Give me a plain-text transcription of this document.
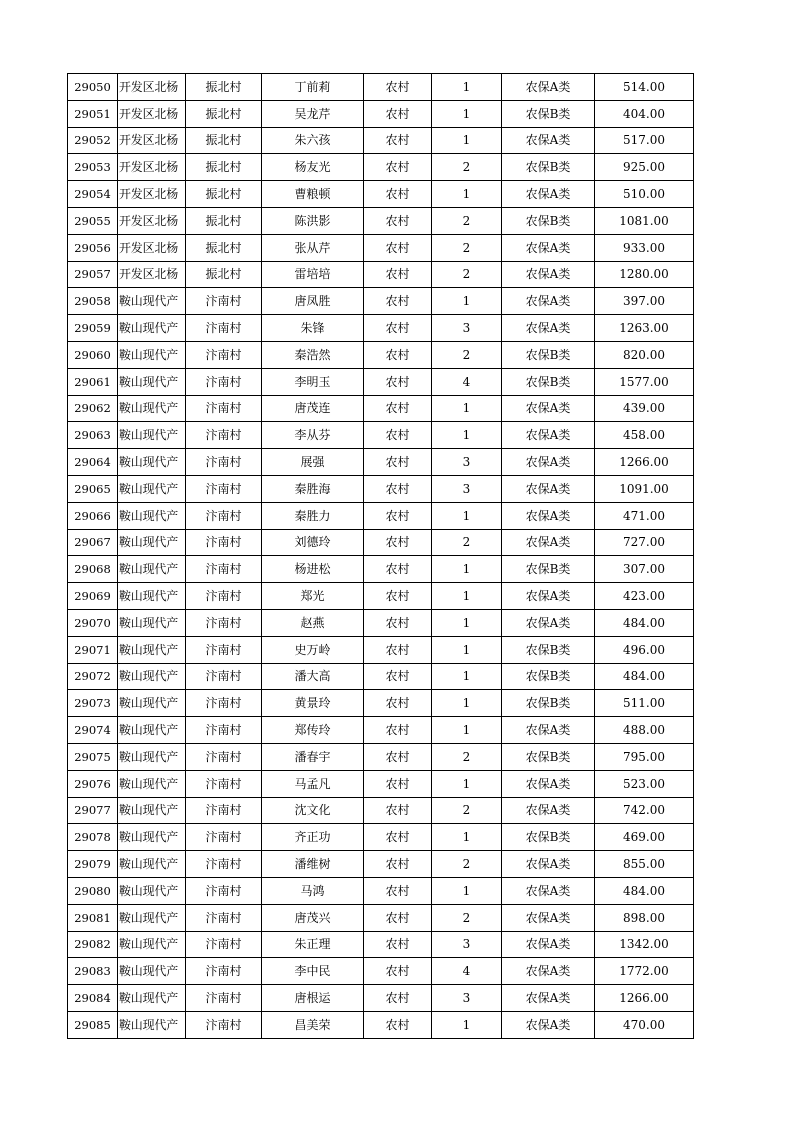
29050	开发区北杨	振北村	丁前莉	农村	1	农保A类	514.00
29051	开发区北杨	振北村	吴龙芹	农村	1	农保B类	404.00
29052	开发区北杨	振北村	朱六孩	农村	1	农保A类	517.00
29053	开发区北杨	振北村	杨友光	农村	2	农保B类	925.00
29054	开发区北杨	振北村	曹粮顿	农村	1	农保A类	510.00
29055	开发区北杨	振北村	陈洪影	农村	2	农保B类	1081.00
29056	开发区北杨	振北村	张从芹	农村	2	农保A类	933.00
29057	开发区北杨	振北村	雷培培	农村	2	农保A类	1280.00
29058	鞍山现代产	汴南村	唐凤胜	农村	1	农保A类	397.00
29059	鞍山现代产	汴南村	朱锋	农村	3	农保A类	1263.00
29060	鞍山现代产	汴南村	秦浩然	农村	2	农保B类	820.00
29061	鞍山现代产	汴南村	李明玉	农村	4	农保B类	1577.00
29062	鞍山现代产	汴南村	唐茂连	农村	1	农保A类	439.00
29063	鞍山现代产	汴南村	李从芬	农村	1	农保A类	458.00
29064	鞍山现代产	汴南村	展强	农村	3	农保A类	1266.00
29065	鞍山现代产	汴南村	秦胜海	农村	3	农保A类	1091.00
29066	鞍山现代产	汴南村	秦胜力	农村	1	农保A类	471.00
29067	鞍山现代产	汴南村	刘德玲	农村	2	农保A类	727.00
29068	鞍山现代产	汴南村	杨进松	农村	1	农保B类	307.00
29069	鞍山现代产	汴南村	郑光	农村	1	农保A类	423.00
29070	鞍山现代产	汴南村	赵燕	农村	1	农保A类	484.00
29071	鞍山现代产	汴南村	史万岭	农村	1	农保B类	496.00
29072	鞍山现代产	汴南村	潘大高	农村	1	农保B类	484.00
29073	鞍山现代产	汴南村	黄景玲	农村	1	农保B类	511.00
29074	鞍山现代产	汴南村	郑传玲	农村	1	农保A类	488.00
29075	鞍山现代产	汴南村	潘春宇	农村	2	农保B类	795.00
29076	鞍山现代产	汴南村	马孟凡	农村	1	农保A类	523.00
29077	鞍山现代产	汴南村	沈文化	农村	2	农保A类	742.00
29078	鞍山现代产	汴南村	齐正功	农村	1	农保B类	469.00
29079	鞍山现代产	汴南村	潘维树	农村	2	农保A类	855.00
29080	鞍山现代产	汴南村	马鸿	农村	1	农保A类	484.00
29081	鞍山现代产	汴南村	唐茂兴	农村	2	农保A类	898.00
29082	鞍山现代产	汴南村	朱正理	农村	3	农保A类	1342.00
29083	鞍山现代产	汴南村	李中民	农村	4	农保A类	1772.00
29084	鞍山现代产	汴南村	唐根运	农村	3	农保A类	1266.00
29085	鞍山现代产	汴南村	昌美荣	农村	1	农保A类	470.00
